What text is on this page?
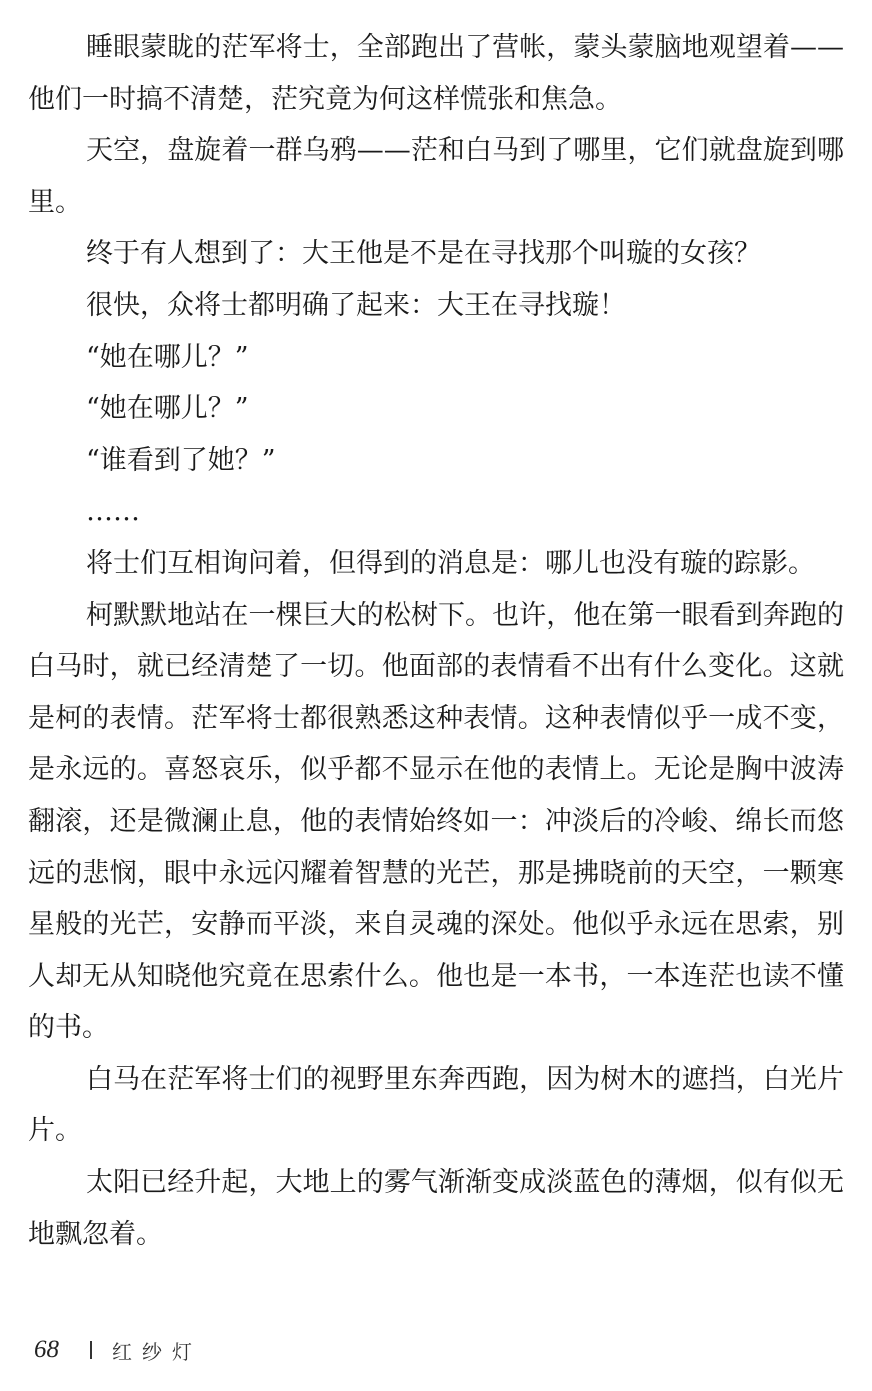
睡眼蒙眬的茫军将士，全部跑出了营帐，蒙头蒙脑地观望着——他们一时搞不清楚，茫究竟为何这样慌张和焦急。

天空，盘旋着一群乌鸦——茫和白马到了哪里，它们就盘旋到哪里。

终于有人想到了：大王他是不是在寻找那个叫璇的女孩？

很快，众将士都明确了起来：大王在寻找璇！

“她在哪儿？”

“她在哪儿？”

“谁看到了她？”

……

将士们互相询问着，但得到的消息是：哪儿也没有璇的踪影。

柯默默地站在一棵巨大的松树下。也许，他在第一眼看到奔跑的白马时，就已经清楚了一切。他面部的表情看不出有什么变化。这就是柯的表情。茫军将士都很熟悉这种表情。这种表情似乎一成不变，是永远的。喜怒哀乐，似乎都不显示在他的表情上。无论是胸中波涛翻滚，还是微澜止息，他的表情始终如一：冲淡后的冷峻、绵长而悠远的悲悯，眼中永远闪耀着智慧的光芒，那是拂晓前的天空，一颗寒星般的光芒，安静而平淡，来自灵魂的深处。他似乎永远在思索，别人却无从知晓他究竟在思索什么。他也是一本书，一本连茫也读不懂的书。

白马在茫军将士们的视野里东奔西跑，因为树木的遮挡，白光片片。

太阳已经升起，大地上的雾气渐渐变成淡蓝色的薄烟，似有似无地飘忽着。

68	红纱灯
